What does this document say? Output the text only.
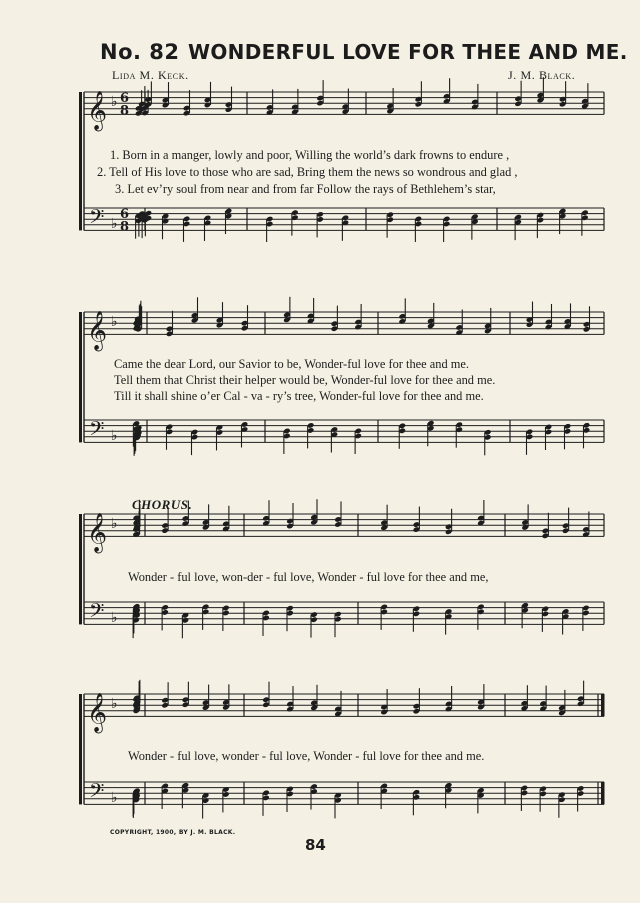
No. 82 WONDERFUL LOVE FOR THEE AND ME.
Lida M. Keck.	J. M. Black.
𝄞
𝄢
♭
♭
6
8
6
8
𝄞
𝄢
♭
♭
𝄞
𝄢
♭
♭
𝄞
𝄢
♭
♭
1. Born in a manger, lowly and poor, Willing the world’s dark frowns to endure ,
2. Tell of His love to those who are sad, Bring them the news so wondrous and glad ,
3. Let ev’ry soul from near and from far Follow the rays of Bethlehem’s star,
Came the dear Lord, our Savior to be, Wonder-ful love for thee and me.
Tell them that Christ their helper would be, Wonder-ful love for thee and me.
Till it shall shine o’er Cal - va - ry’s tree, Wonder-ful love for thee and me.
CHORUS.
Wonder - ful love, won-der - ful love, Wonder - ful love for thee and me,
Wonder - ful love, wonder - ful love, Wonder - ful love for thee and me.
COPYRIGHT, 1900, BY J. M. BLACK.
84
